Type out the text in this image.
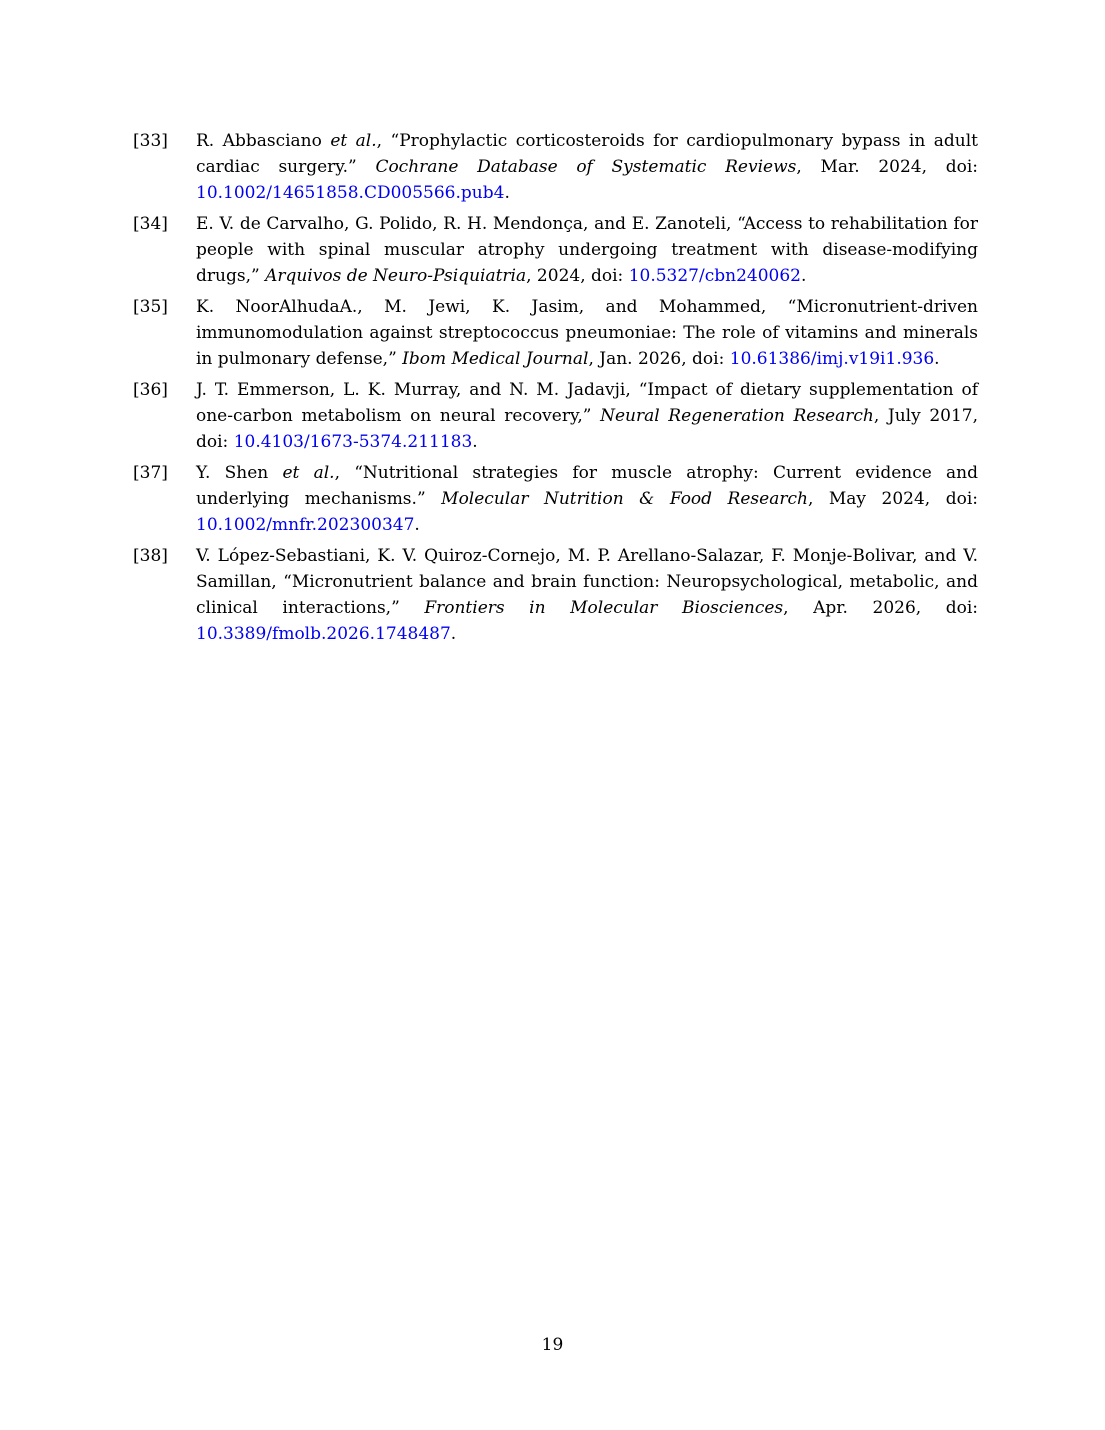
[33]	R. Abbasciano et al., “Prophylactic corticosteroids for cardiopulmonary bypass in adult cardiac surgery.” Cochrane Database of Systematic Reviews, Mar. 2024, doi: 10.1002/14651858.CD005566.pub4.
[34]	E. V. de Carvalho, G. Polido, R. H. Mendonça, and E. Zanoteli, “Access to rehabilitation for people with spinal muscular atrophy undergoing treatment with disease-modifying drugs,” Arquivos de Neuro-Psiquiatria, 2024, doi: 10.5327/cbn240062.
[35]	K. NoorAlhudaA., M. Jewi, K. Jasim, and Mohammed, “Micronutrient-driven immunomodulation against streptococcus pneumoniae: The role of vitamins and minerals in pulmonary defense,” Ibom Medical Journal, Jan. 2026, doi: 10.61386/imj.v19i1.936.
[36]	J. T. Emmerson, L. K. Murray, and N. M. Jadavji, “Impact of dietary supplementation of one-carbon metabolism on neural recovery,” Neural Regeneration Research, July 2017, doi: 10.4103/1673-5374.211183.
[37]	Y. Shen et al., “Nutritional strategies for muscle atrophy: Current evidence and underlying mechanisms.” Molecular Nutrition & Food Research, May 2024, doi: 10.1002/mnfr.202300347.
[38]	V. López-Sebastiani, K. V. Quiroz-Cornejo, M. P. Arellano-Salazar, F. Monje-Bolivar, and V. Samillan, “Micronutrient balance and brain function: Neuropsychological, metabolic, and clinical interactions,” Frontiers in Molecular Biosciences, Apr. 2026, doi: 10.3389/fmolb.2026.1748487.
19
